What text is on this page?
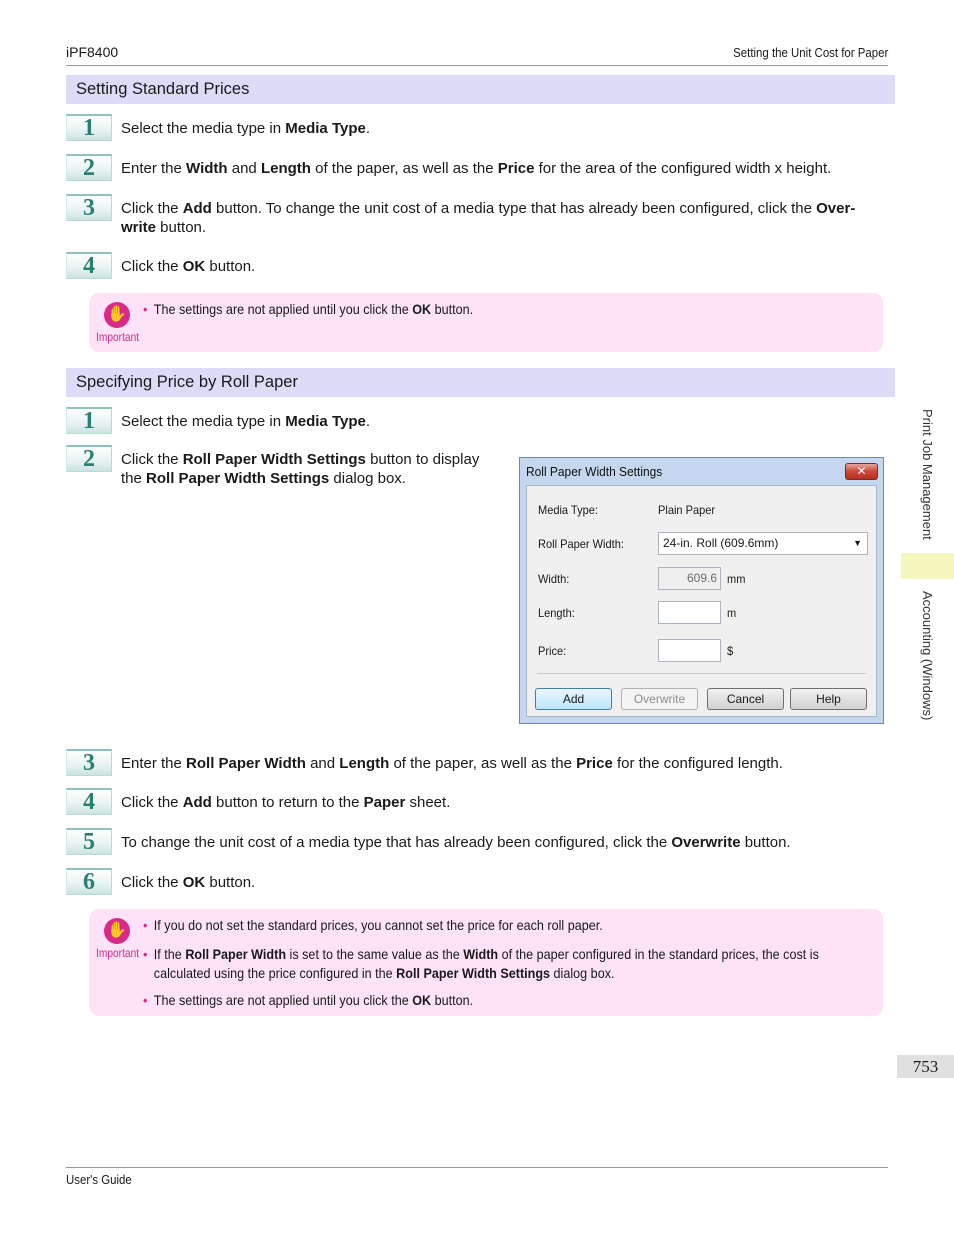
iPF8400	Setting the Unit Cost for Paper
Setting Standard Prices
1	Select the media type in Media Type.
2	Enter the Width and Length of the paper, as well as the Price for the area of the configured width x height.
3	Click the Add button. To change the unit cost of a media type that has already been configured, click the Over-
write button.
4	Click the OK button.
✋
Important
• The settings are not applied until you click the OK button.
Specifying Price by Roll Paper
1	Select the media type in Media Type.
2	Click the Roll Paper Width Settings button to display
the Roll Paper Width Settings dialog box.	Roll Paper Width Settings	✕
Media Type:	Plain Paper
Roll Paper Width:	24-in. Roll (609.6mm)	▼
Width:	609.6 mm
Length:	m
Price:	$
Add	Overwrite	Cancel	Help
3	Enter the Roll Paper Width and Length of the paper, as well as the Price for the configured length.
4	Click the Add button to return to the Paper sheet.
5	To change the unit cost of a media type that has already been configured, click the Overwrite button.
6	Click the OK button.
✋
Important
• If you do not set the standard prices, you cannot set the price for each roll paper.
• If the Roll Paper Width is set to the same value as the Width of the paper configured in the standard prices, the cost is
calculated using the price configured in the Roll Paper Width Settings dialog box.
• The settings are not applied until you click the OK button.
Print Job Management
Accounting (Windows)
753
User's Guide
